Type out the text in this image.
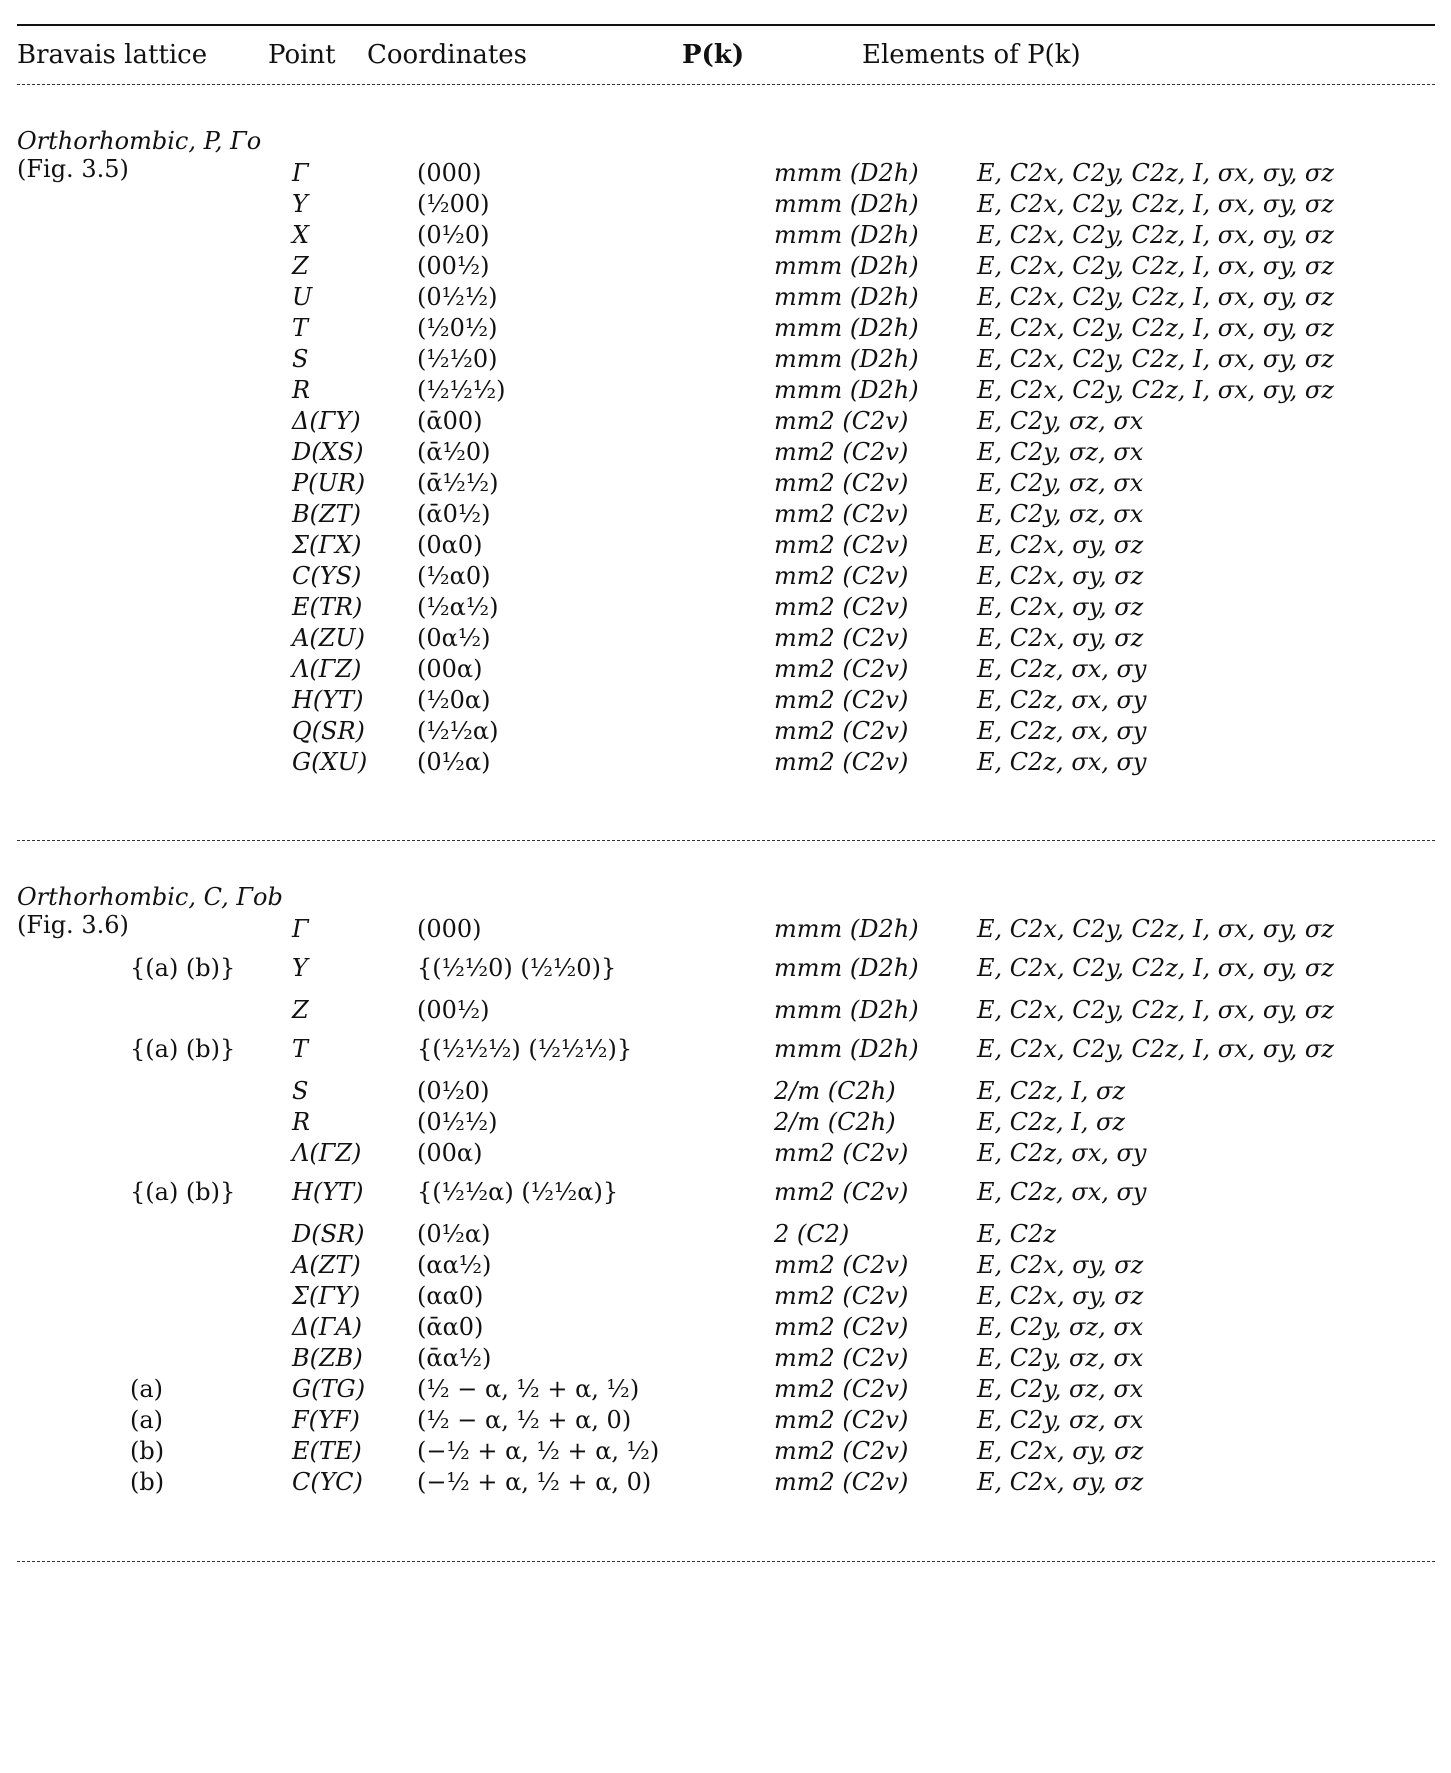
Bravais lattice Point Coordinates	P(k)	Elements of P(k)
Orthorhombic, P, Γo
(Fig. 3.5)	Γ	(000)	mmm (D2h) E, C2x, C2y, C2z, I, σx, σy, σz
Y	(½00)	mmm (D2h) E, C2x, C2y, C2z, I, σx, σy, σz
X	(0½0)	mmm (D2h) E, C2x, C2y, C2z, I, σx, σy, σz
Z	(00½)	mmm (D2h) E, C2x, C2y, C2z, I, σx, σy, σz
U	(0½½)	mmm (D2h) E, C2x, C2y, C2z, I, σx, σy, σz
T	(½0½)	mmm (D2h) E, C2x, C2y, C2z, I, σx, σy, σz
S	(½½0)	mmm (D2h) E, C2x, C2y, C2z, I, σx, σy, σz
R	(½½½)	mmm (D2h) E, C2x, C2y, C2z, I, σx, σy, σz
Δ(ΓY) (ᾱ00)	mm2 (C2v)	E, C2y, σz, σx
D(XS) (ᾱ½0)	mm2 (C2v)	E, C2y, σz, σx
P(UR) (ᾱ½½)	mm2 (C2v)	E, C2y, σz, σx
B(ZT) (ᾱ0½)	mm2 (C2v)	E, C2y, σz, σx
Σ(ΓX) (0α0)	mm2 (C2v)	E, C2x, σy, σz
C(YS) (½α0)	mm2 (C2v)	E, C2x, σy, σz
E(TR) (½α½)	mm2 (C2v)	E, C2x, σy, σz
A(ZU) (0α½)	mm2 (C2v)	E, C2x, σy, σz
Λ(ΓZ) (00α)	mm2 (C2v)	E, C2z, σx, σy
H(YT) (½0α)	mm2 (C2v)	E, C2z, σx, σy
Q(SR) (½½α)	mm2 (C2v)	E, C2z, σx, σy
G(XU) (0½α)	mm2 (C2v)	E, C2z, σx, σy
Orthorhombic, C, Γob
(Fig. 3.6)	Γ	(000)	mmm (D2h) E, C2x, C2y, C2z, I, σx, σy, σz
{(a) (b)} Y	{(½½0) (½½0)}	mmm (D2h) E, C2x, C2y, C2z, I, σx, σy, σz
Z	(00½)	mmm (D2h) E, C2x, C2y, C2z, I, σx, σy, σz
{(a) (b)} T	{(½½½) (½½½)}	mmm (D2h) E, C2x, C2y, C2z, I, σx, σy, σz
S	(0½0)	2/m (C2h)	E, C2z, I, σz
R	(0½½)	2/m (C2h)	E, C2z, I, σz
Λ(ΓZ) (00α)	mm2 (C2v)	E, C2z, σx, σy
{(a) (b)} H(YT) {(½½α) (½½α)}	mm2 (C2v)	E, C2z, σx, σy
D(SR) (0½α)	2 (C2)	E, C2z
A(ZT) (αα½)	mm2 (C2v)	E, C2x, σy, σz
Σ(ΓY) (αα0)	mm2 (C2v)	E, C2x, σy, σz
Δ(ΓA) (ᾱα0)	mm2 (C2v)	E, C2y, σz, σx
B(ZB) (ᾱα½)	mm2 (C2v)	E, C2y, σz, σx
(a)	G(TG) (½ − α, ½ + α, ½)	mm2 (C2v)	E, C2y, σz, σx
(a)	F(YF) (½ − α, ½ + α, 0)	mm2 (C2v)	E, C2y, σz, σx
(b)	E(TE) (−½ + α, ½ + α, ½)	mm2 (C2v)	E, C2x, σy, σz
(b)	C(YC) (−½ + α, ½ + α, 0)	mm2 (C2v)	E, C2x, σy, σz
